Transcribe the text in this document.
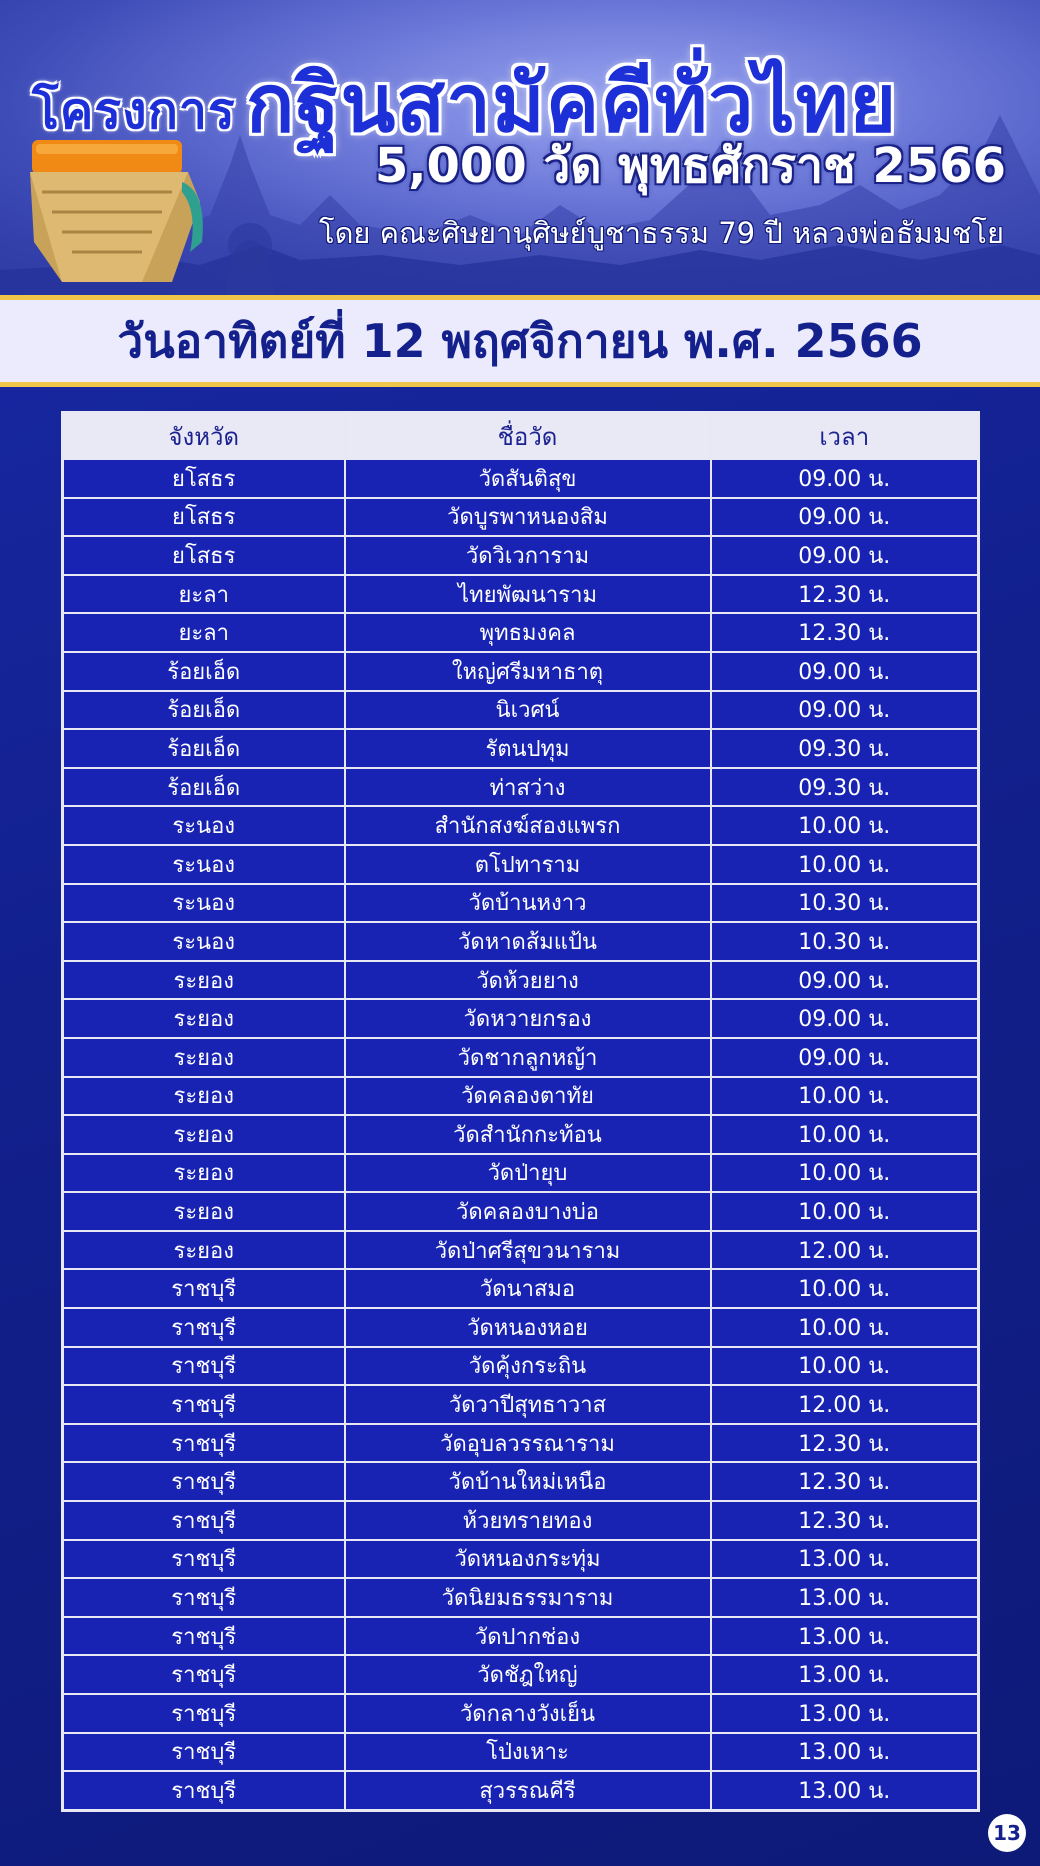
โครงการ กฐินสามัคคีทั่วไทย
5,000 วัด พุทธศักราช 2566
โดย คณะศิษยานุศิษย์บูชาธรรม 79 ปี หลวงพ่อธัมมชโย
วันอาทิตย์ที่ 12 พฤศจิกายน พ.ศ. 2566
จังหวัด	ชื่อวัด	เวลา
ยโสธร	วัดสันติสุข	09.00 น.
ยโสธร	วัดบูรพาหนองสิม	09.00 น.
ยโสธร	วัดวิเวการาม	09.00 น.
ยะลา	ไทยพัฒนาราม	12.30 น.
ยะลา	พุทธมงคล	12.30 น.
ร้อยเอ็ด	ใหญ่ศรีมหาธาตุ	09.00 น.
ร้อยเอ็ด	นิเวศน์	09.00 น.
ร้อยเอ็ด	รัตนปทุม	09.30 น.
ร้อยเอ็ด	ท่าสว่าง	09.30 น.
ระนอง	สำนักสงฆ์สองแพรก	10.00 น.
ระนอง	ตโปทาราม	10.00 น.
ระนอง	วัดบ้านหงาว	10.30 น.
ระนอง	วัดหาดส้มแป้น	10.30 น.
ระยอง	วัดห้วยยาง	09.00 น.
ระยอง	วัดหวายกรอง	09.00 น.
ระยอง	วัดชากลูกหญ้า	09.00 น.
ระยอง	วัดคลองตาทัย	10.00 น.
ระยอง	วัดสำนักกะท้อน	10.00 น.
ระยอง	วัดป่ายุบ	10.00 น.
ระยอง	วัดคลองบางบ่อ	10.00 น.
ระยอง	วัดป่าศรีสุขวนาราม	12.00 น.
ราชบุรี	วัดนาสมอ	10.00 น.
ราชบุรี	วัดหนองหอย	10.00 น.
ราชบุรี	วัดคุ้งกระถิน	10.00 น.
ราชบุรี	วัดวาปีสุทธาวาส	12.00 น.
ราชบุรี	วัดอุบลวรรณาราม	12.30 น.
ราชบุรี	วัดบ้านใหม่เหนือ	12.30 น.
ราชบุรี	ห้วยทรายทอง	12.30 น.
ราชบุรี	วัดหนองกระทุ่ม	13.00 น.
ราชบุรี	วัดนิยมธรรมาราม	13.00 น.
ราชบุรี	วัดปากช่อง	13.00 น.
ราชบุรี	วัดชัฎใหญ่	13.00 น.
ราชบุรี	วัดกลางวังเย็น	13.00 น.
ราชบุรี	โป่งเหาะ	13.00 น.
ราชบุรี	สุวรรณคีรี	13.00 น.
13
